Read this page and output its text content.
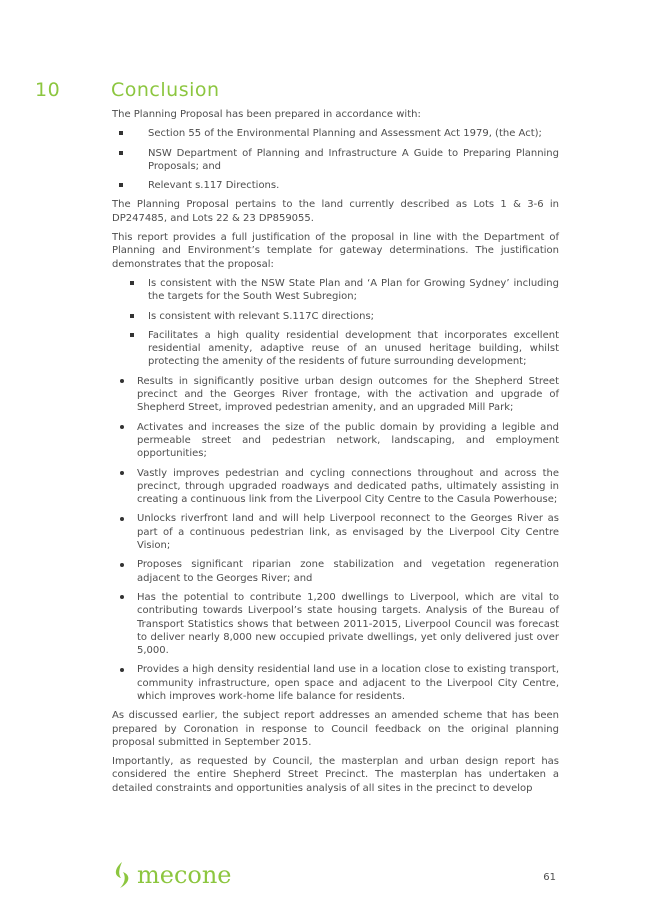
10	Conclusion

The Planning Proposal has been prepared in accordance with:

Section 55 of the Environmental Planning and Assessment Act 1979, (the Act);
NSW Department of Planning and Infrastructure A Guide to Preparing Planning Proposals; and
Relevant s.117 Directions.

The Planning Proposal pertains to the land currently described as Lots 1 & 3-6 in DP247485, and Lots 22 & 23 DP859055.

This report provides a full justification of the proposal in line with the Department of Planning and Environment’s template for gateway determinations. The justification demonstrates that the proposal:

Is consistent with the NSW State Plan and ‘A Plan for Growing Sydney’ including the targets for the South West Subregion;
Is consistent with relevant S.117C directions;
Facilitates a high quality residential development that incorporates excellent residential amenity, adaptive reuse of an unused heritage building, whilst protecting the amenity of the residents of future surrounding development;
Results in significantly positive urban design outcomes for the Shepherd Street precinct and the Georges River frontage, with the activation and upgrade of Shepherd Street, improved pedestrian amenity, and an upgraded Mill Park;
Activates and increases the size of the public domain by providing a legible and permeable street and pedestrian network, landscaping, and employment opportunities;
Vastly improves pedestrian and cycling connections throughout and across the precinct, through upgraded roadways and dedicated paths, ultimately assisting in creating a continuous link from the Liverpool City Centre to the Casula Powerhouse;
Unlocks riverfront land and will help Liverpool reconnect to the Georges River as part of a continuous pedestrian link, as envisaged by the Liverpool City Centre Vision;
Proposes significant riparian zone stabilization and vegetation regeneration adjacent to the Georges River; and
Has the potential to contribute 1,200 dwellings to Liverpool, which are vital to contributing towards Liverpool’s state housing targets. Analysis of the Bureau of Transport Statistics shows that between 2011-2015, Liverpool Council was forecast to deliver nearly 8,000 new occupied private dwellings, yet only delivered just over 5,000.
Provides a high density residential land use in a location close to existing transport, community infrastructure, open space and adjacent to the Liverpool City Centre, which improves work-home life balance for residents.

As discussed earlier, the subject report addresses an amended scheme that has been prepared by Coronation in response to Council feedback on the original planning proposal submitted in September 2015.

Importantly, as requested by Council, the masterplan and urban design report has considered the entire Shepherd Street Precinct. The masterplan has undertaken a detailed constraints and opportunities analysis of all sites in the precinct to develop

mecone	61
